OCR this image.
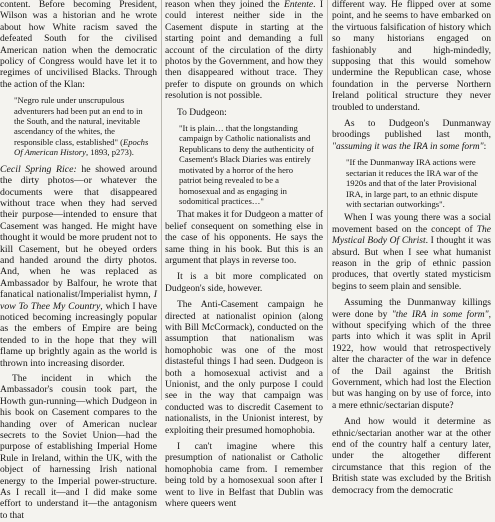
content. Before becoming President, Wilson was a historian and he wrote about how White racism saved the defeated South for the civilised American nation when the democratic policy of Congress would have let it to regimes of uncivilised Blacks. Through the action of the Klan:

"Negro rule under unscrupulous adventurers had been put an end to in the South, and the natural, inevitable ascendancy of the whites, the responsible class, established" (Epochs Of American History, 1893, p273).

Cecil Spring Rice: he showed around the dirty photos—or whatever the documents were that disappeared without trace when they had served their purpose—intended to ensure that Casement was hanged. He might have thought it would be more prudent not to kill Casement, but he obeyed orders and handed around the dirty photos. And, when he was replaced as Ambassador by Balfour, he wrote that fanatical nationalist/Imperialist hymn, I vow To Thee My Country, which I have noticed becoming increasingly popular as the embers of Empire are being tended to in the hope that they will flame up brightly again as the world is thrown into increasing disorder.

The incident in which the Ambassador's cousin took part, the Howth gun-running—which Dudgeon in his book on Casement compares to the handing over of American nuclear secrets to the Soviet Union—had the purpose of establishing Imperial Home Rule in Ireland, within the UK, with the object of harnessing Irish national energy to the Imperial power-structure. As I recall it—and I did make some effort to understand it—the antagonism to that

reason when they joined the Entente. I could interest neither side in the Casement dispute in starting at the starting point and demanding a full account of the circulation of the dirty photos by the Government, and how they then disappeared without trace. They prefer to dispute on grounds on which resolution is not possible.

To Dudgeon:

"It is plain… that the longstanding campaign by Catholic nationalists and Republicans to deny the authenticity of Casement's Black Diaries was entirely motivated by a horror of the hero patriot being revealed to be a homosexual and as engaging in sodomitical practices…"

That makes it for Dudgeon a matter of belief consequent on something else in the case of his opponents. He says the same thing in his book. But this is an argument that plays in reverse too.

It is a bit more complicated on Dudgeon's side, however.

The Anti-Casement campaign he directed at nationalist opinion (along with Bill McCormack), conducted on the assumption that nationalism was homophobic was one of the most distasteful things I had seen. Dudgeon is both a homosexual activist and a Unionist, and the only purpose I could see in the way that campaign was conducted was to discredit Casement to nationalists, in the Unionist interest, by exploiting their presumed homophobia.

I can't imagine where this presumption of nationalist or Catholic homophobia came from. I remember being told by a homosexual soon after I went to live in Belfast that Dublin was where queers went

different way. He flipped over at some point, and he seems to have embarked on the virtuous falsification of history which so many historians engaged on fashionably and high-mindedly, supposing that this would somehow undermine the Republican case, whose foundation in the perverse Northern Ireland political structure they never troubled to understand.

As to Dudgeon's Dunmanway broodings published last month, "assuming it was the IRA in some form":

"If the Dunmanway IRA actions were sectarian it reduces the IRA war of the 1920s and that of the later Provisional IRA, in large part, to an ethnic dispute with sectarian outworkings".

When I was young there was a social movement based on the concept of The Mystical Body Of Christ. I thought it was absurd. But when I see what humanist reason in the grip of ethnic passion produces, that overtly stated mysticism begins to seem plain and sensible.

Assuming the Dunmanway killings were done by "the IRA in some form", without specifying which of the three parts into which it was split in April 1922, how would that retrospectively alter the character of the war in defence of the Dail against the British Government, which had lost the Election but was hanging on by use of force, into a mere ethnic/sectarian dispute?

And how would it determine as ethnic/sectarian another war at the other end of the country half a century later, under the altogether different circumstance that this region of the British state was excluded by the British democracy from the democratic
